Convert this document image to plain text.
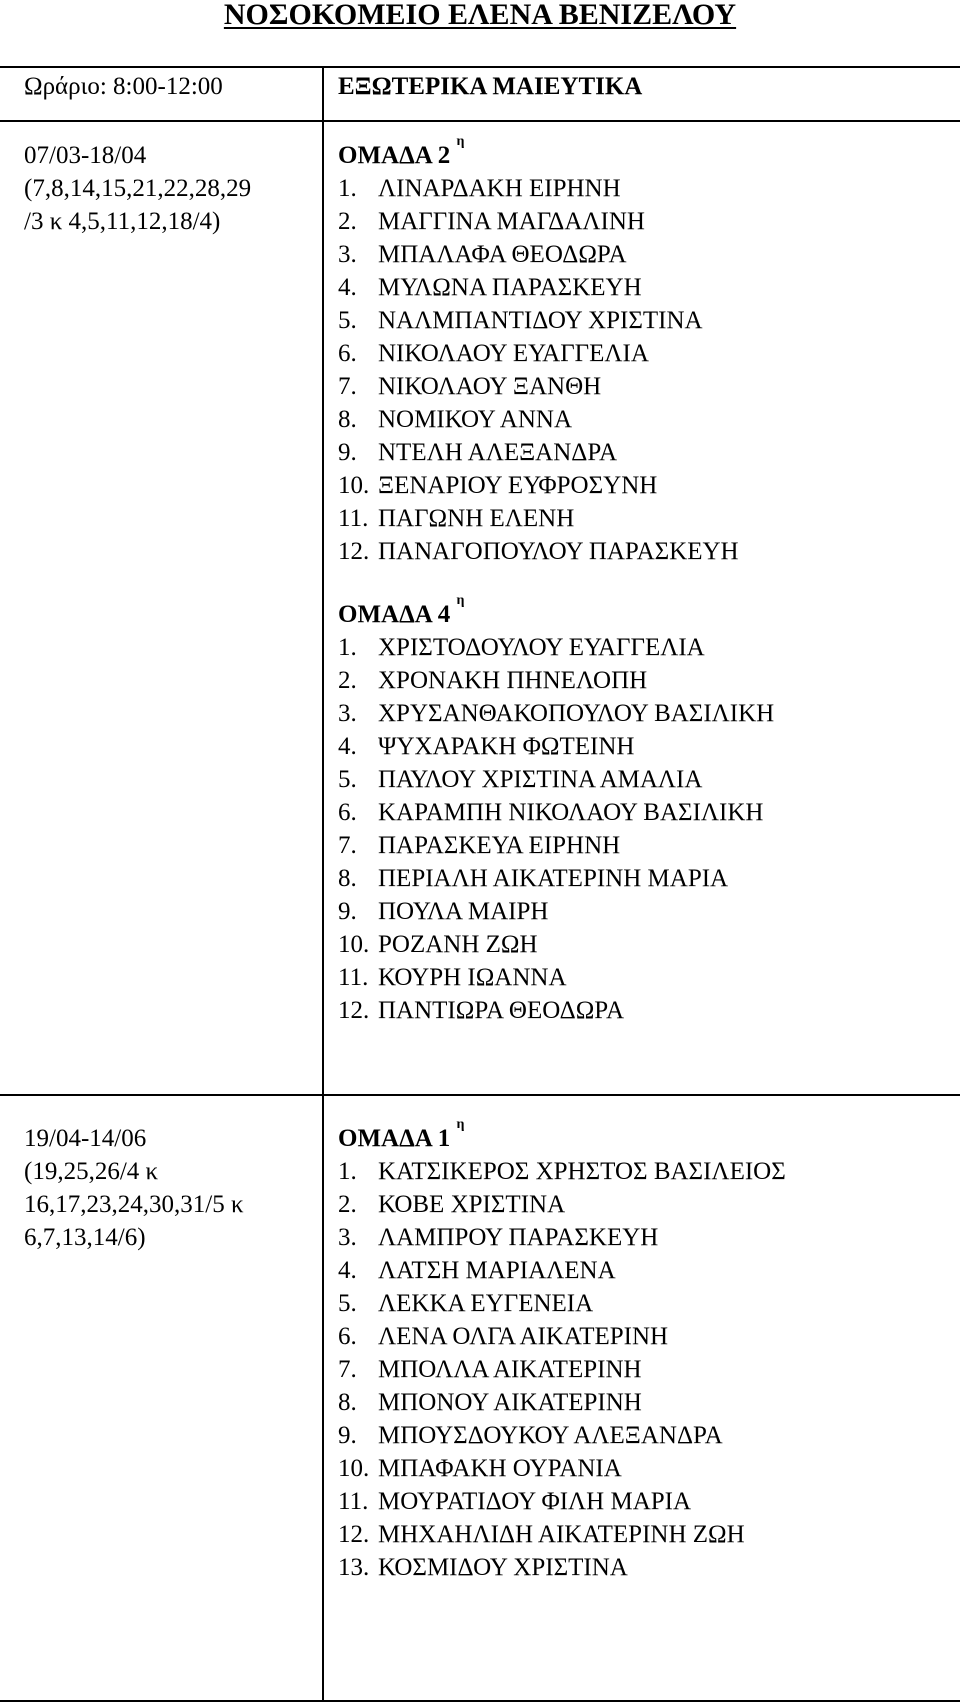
ΝΟΣΟΚΟΜΕΙΟ ΕΛΕΝΑ ΒΕΝΙΖΕΛΟΥ
Ωράριο: 8:00-12:00	ΕΞΩΤΕΡΙΚΑ ΜΑΙΕΥΤΙΚΑ
07/03-18/04
(7,8,14,15,21,22,28,29
/3 κ 4,5,11,12,18/4)
ΟΜΑΔΑ 2 $^\eta$
1. ΛΙΝΑΡΔΑΚΗ ΕΙΡΗΝΗ
2. ΜΑΓΓΙΝΑ ΜΑΓΔΑΛΙΝΗ
3. ΜΠΑΛΑΦΑ ΘΕΟΔΩΡΑ
4. ΜΥΛΩΝΑ ΠΑΡΑΣΚΕΥΗ
5. ΝΑΛΜΠΑΝΤΙΔΟΥ ΧΡΙΣΤΙΝΑ
6. ΝΙΚΟΛΑΟΥ ΕΥΑΓΓΕΛΙΑ
7. ΝΙΚΟΛΑΟΥ ΞΑΝΘΗ
8. ΝΟΜΙΚΟΥ ΑΝΝΑ
9. ΝΤΕΛΗ ΑΛΕΞΑΝΔΡΑ
10. ΞΕΝΑΡΙΟΥ ΕΥΦΡΟΣΥΝΗ
11. ΠΑΓΩΝΗ ΕΛΕΝΗ
12. ΠΑΝΑΓΟΠΟΥΛΟΥ ΠΑΡΑΣΚΕΥΗ
ΟΜΑΔΑ 4 $^\eta$
1. ΧΡΙΣΤΟΔΟΥΛΟΥ ΕΥΑΓΓΕΛΙΑ
2. ΧΡΟΝΑΚΗ ΠΗΝΕΛΟΠΗ
3. ΧΡΥΣΑΝΘΑΚΟΠΟΥΛΟΥ ΒΑΣΙΛΙΚΗ
4. ΨΥΧΑΡΑΚΗ ΦΩΤΕΙΝΗ
5. ΠΑΥΛΟΥ ΧΡΙΣΤΙΝΑ ΑΜΑΛΙΑ
6. ΚΑΡΑΜΠΗ ΝΙΚΟΛΑΟΥ ΒΑΣΙΛΙΚΗ
7. ΠΑΡΑΣΚΕΥΑ ΕΙΡΗΝΗ
8. ΠΕΡΙΑΛΗ ΑΙΚΑΤΕΡΙΝΗ ΜΑΡΙΑ
9. ΠΟΥΛΑ ΜΑΙΡΗ
10. ΡΟΖΑΝΗ ΖΩΗ
11. ΚΟΥΡΗ ΙΩΑΝΝΑ
12. ΠΑΝΤΙΩΡΑ ΘΕΟΔΩΡΑ
19/04-14/06
(19,25,26/4 κ
16,17,23,24,30,31/5 κ
6,7,13,14/6)
ΟΜΑΔΑ 1 $^\eta$
1. ΚΑΤΣΙΚΕΡΟΣ ΧΡΗΣΤΟΣ ΒΑΣΙΛΕΙΟΣ
2. ΚΟΒΕ ΧΡΙΣΤΙΝΑ
3. ΛΑΜΠΡΟΥ ΠΑΡΑΣΚΕΥΗ
4. ΛΑΤΣΗ ΜΑΡΙΑΛΕΝΑ
5. ΛΕΚΚΑ ΕΥΓΕΝΕΙΑ
6. ΛΕΝΑ ΟΛΓΑ ΑΙΚΑΤΕΡΙΝΗ
7. ΜΠΟΛΛΑ ΑΙΚΑΤΕΡΙΝΗ
8. ΜΠΟΝΟΥ ΑΙΚΑΤΕΡΙΝΗ
9. ΜΠΟΥΣΔΟΥΚΟΥ ΑΛΕΞΑΝΔΡΑ
10. ΜΠΑΦΑΚΗ ΟΥΡΑΝΙΑ
11. ΜΟΥΡΑΤΙΔΟΥ ΦΙΛΗ ΜΑΡΙΑ
12. ΜΗΧΑΗΛΙΔΗ ΑΙΚΑΤΕΡΙΝΗ ΖΩΗ
13. ΚΟΣΜΙΔΟΥ ΧΡΙΣΤΙΝΑ
